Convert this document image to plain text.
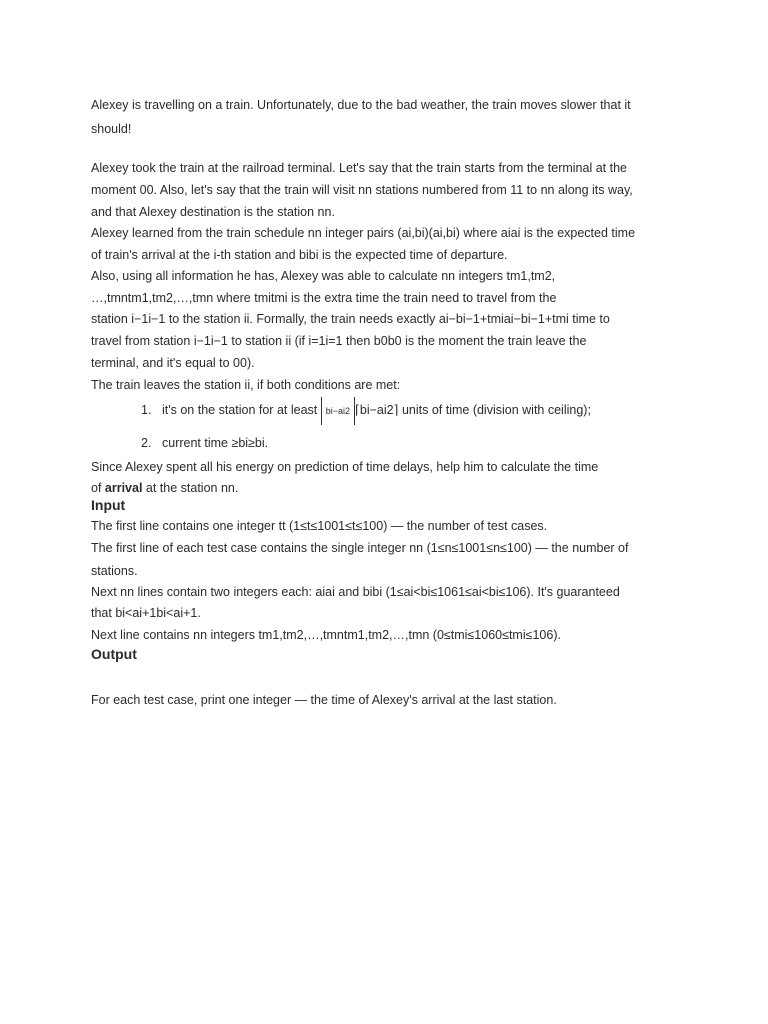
Alexey is travelling on a train. Unfortunately, due to the bad weather, the train moves slower that it
should!
Alexey took the train at the railroad terminal. Let's say that the train starts from the terminal at the
moment 00. Also, let's say that the train will visit nn stations numbered from 11 to nn along its way,
and that Alexey destination is the station nn.
Alexey learned from the train schedule nn integer pairs (ai,bi)(ai,bi) where aiai is the expected time
of train's arrival at the i-th station and bibi is the expected time of departure.
Also, using all information he has, Alexey was able to calculate nn integers tm1,tm2,
…,tmntm1,tm2,…,tmn where tmitmi is the extra time the train need to travel from the
station i−1i−1 to the station ii. Formally, the train needs exactly ai−bi−1+tmiai−bi−1+tmi time to
travel from station i−1i−1 to station ii (if i=1i=1 then b0b0 is the moment the train leave the
terminal, and it's equal to 00).
The train leaves the station ii, if both conditions are met:
1. it's on the station for at least bi−ai2 ⌈bi−ai2⌉ units of time (division with ceiling);
2. current time ≥bi≥bi.
Since Alexey spent all his energy on prediction of time delays, help him to calculate the time
of arrival at the station nn.
Input
The first line contains one integer tt (1≤t≤1001≤t≤100) — the number of test cases.
The first line of each test case contains the single integer nn (1≤n≤1001≤n≤100) — the number of
stations.
Next nn lines contain two integers each: aiai and bibi (1≤ai<bi≤1061≤ai<bi≤106). It's guaranteed
that bi<ai+1bi<ai+1.
Next line contains nn integers tm1,tm2,…,tmntm1,tm2,…,tmn (0≤tmi≤1060≤tmi≤106).
Output
For each test case, print one integer — the time of Alexey's arrival at the last station.
